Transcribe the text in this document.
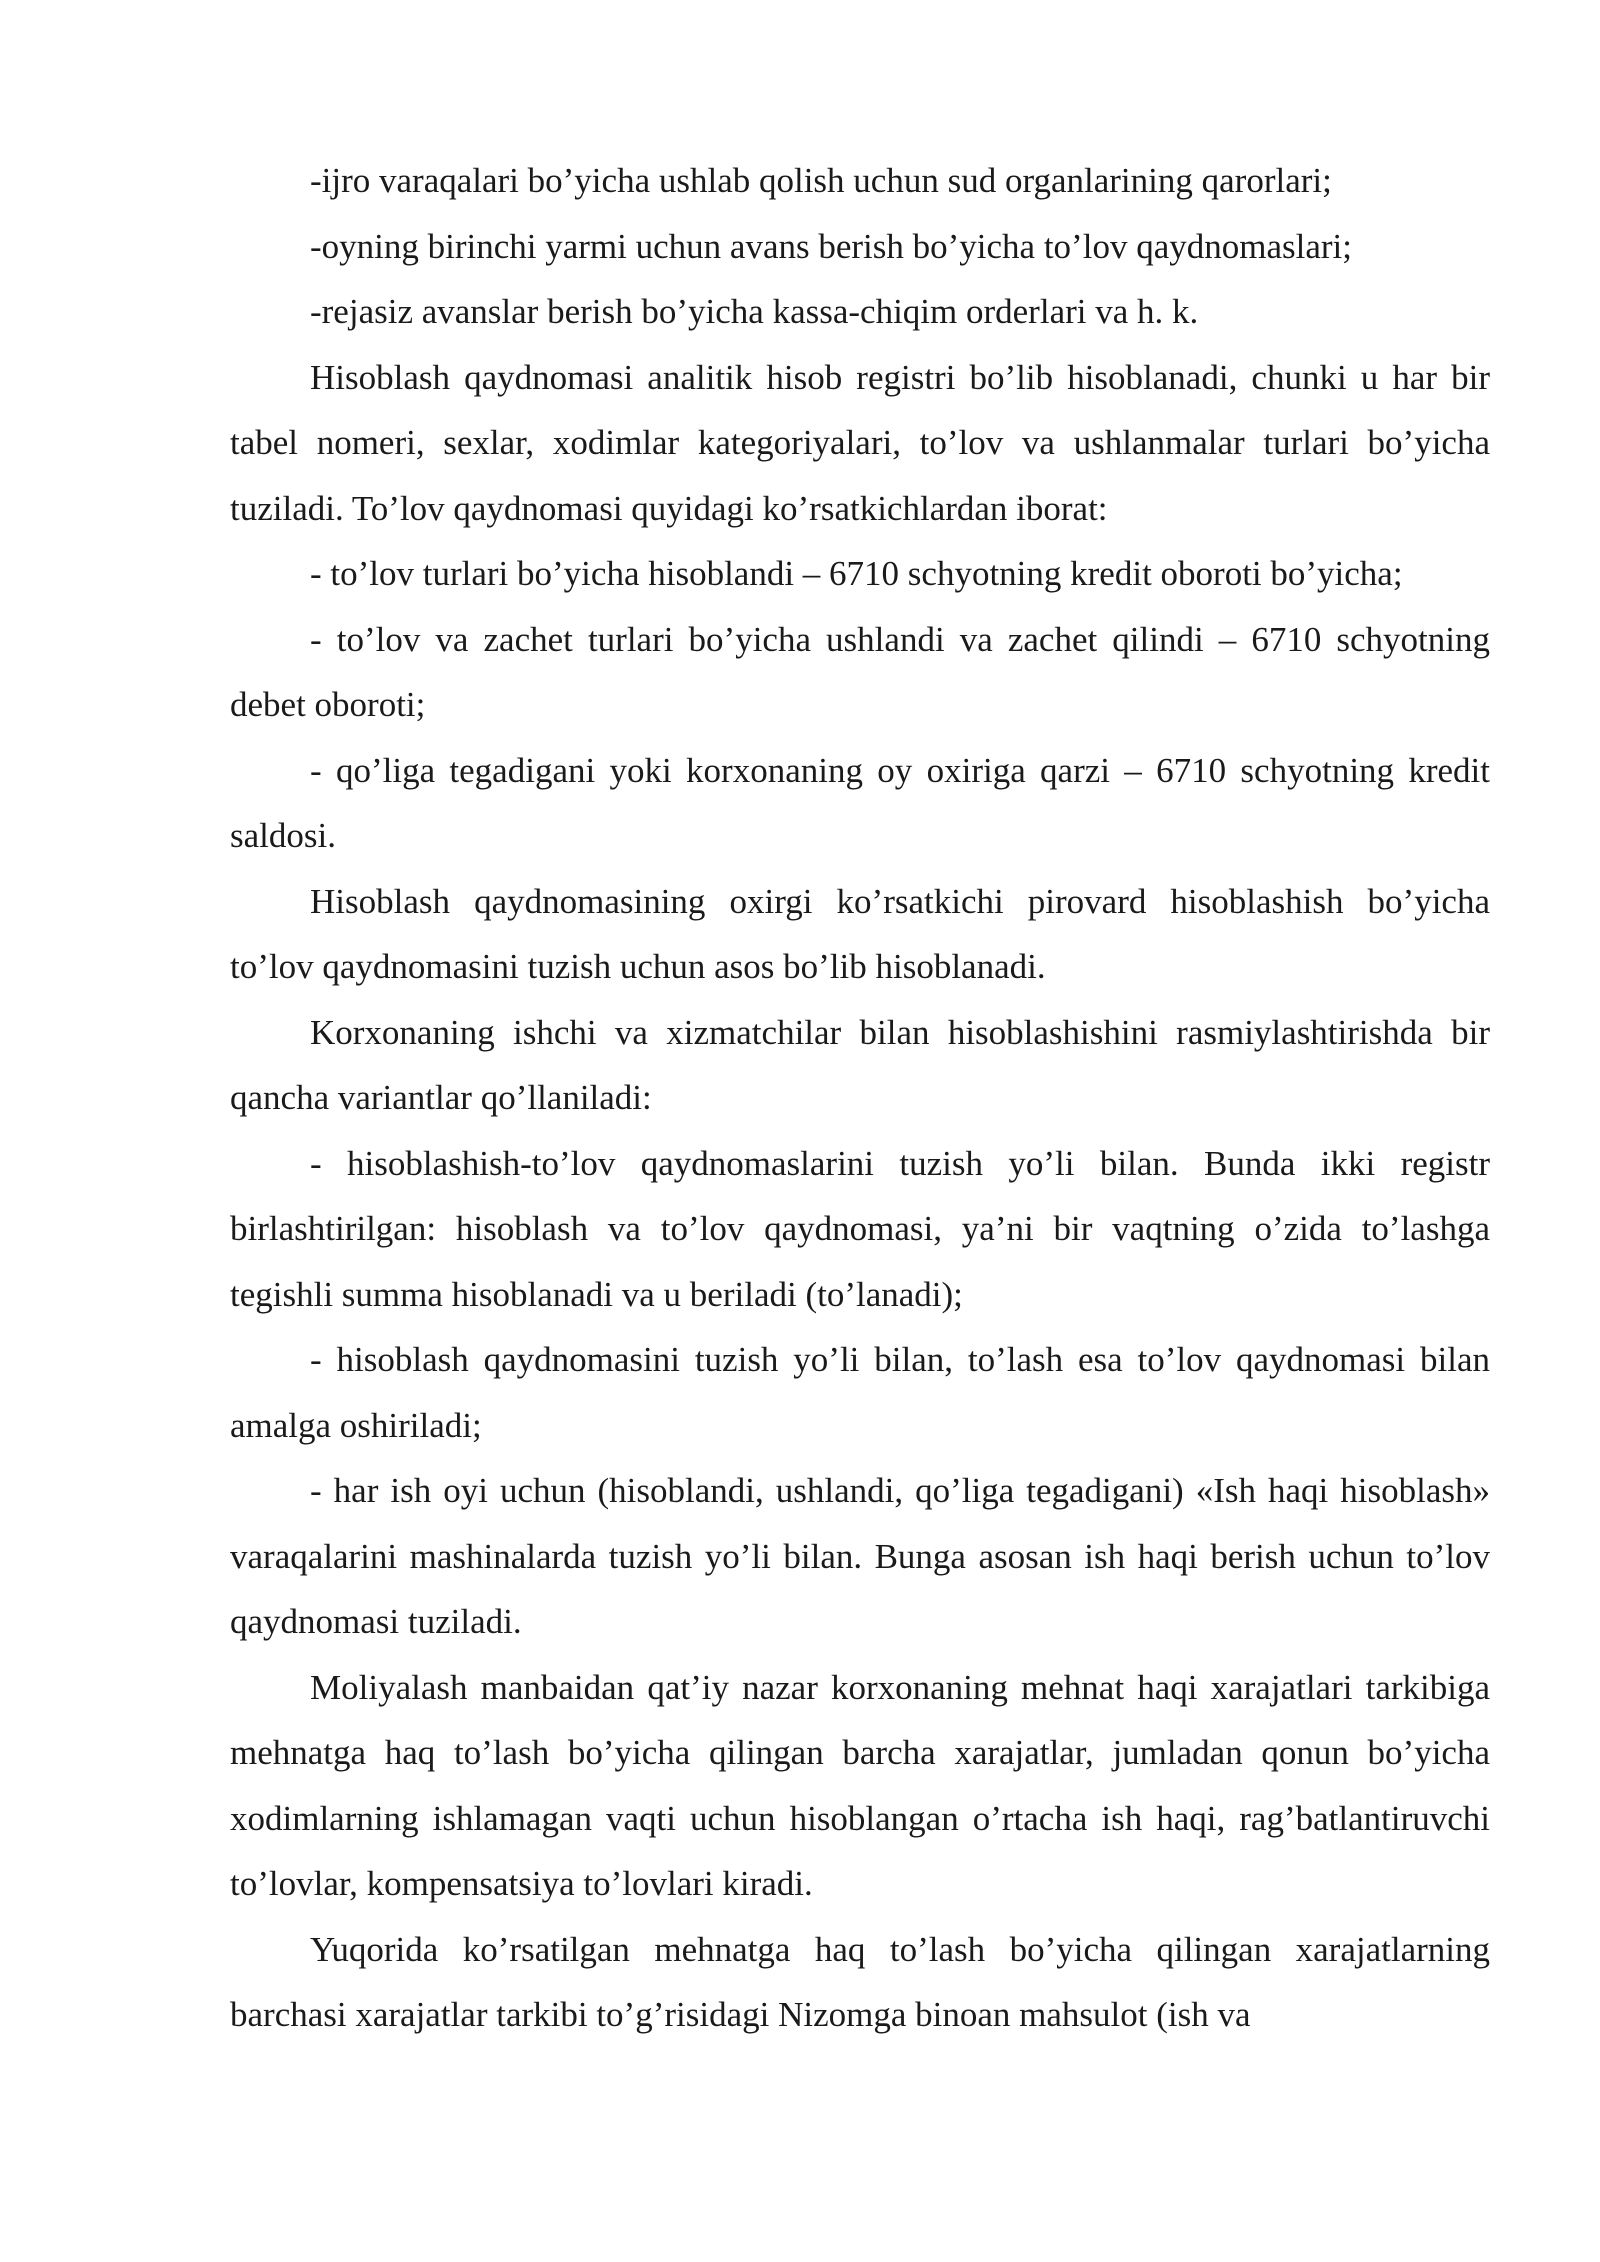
-ijro varaqalari bo’yicha ushlab qolish uchun sud organlarining qarorlari;

-oyning birinchi yarmi uchun avans berish bo’yicha to’lov qaydnomaslari;

-rejasiz avanslar berish bo’yicha kassa-chiqim orderlari va h. k.

Hisoblash qaydnomasi analitik hisob registri bo’lib hisoblanadi, chunki u har bir tabel nomeri, sexlar, xodimlar kategoriyalari, to’lov va ushlanmalar turlari bo’yicha tuziladi. To’lov qaydnomasi quyidagi ko’rsatkichlardan iborat:

- to’lov turlari bo’yicha hisoblandi – 6710 schyotning kredit oboroti bo’yicha;

- to’lov va zachet turlari bo’yicha ushlandi va zachet qilindi – 6710 schyotning debet oboroti;

- qo’liga tegadigani yoki korxonaning oy oxiriga qarzi – 6710 schyotning kredit saldosi.

Hisoblash qaydnomasining oxirgi ko’rsatkichi pirovard hisoblashish bo’yicha to’lov qaydnomasini tuzish uchun asos bo’lib hisoblanadi.

Korxonaning ishchi va xizmatchilar bilan hisoblashishini rasmiylashtirishda bir qancha variantlar qo’llaniladi:

- hisoblashish-to’lov qaydnomaslarini tuzish yo’li bilan. Bunda ikki registr birlashtirilgan: hisoblash va to’lov qaydnomasi, ya’ni bir vaqtning o’zida to’lashga tegishli summa hisoblanadi va u beriladi (to’lanadi);

- hisoblash qaydnomasini tuzish yo’li bilan, to’lash esa to’lov qaydnomasi bilan amalga oshiriladi;

- har ish oyi uchun (hisoblandi, ushlandi, qo’liga tegadigani) «Ish haqi hisoblash» varaqalarini mashinalarda tuzish yo’li bilan. Bunga asosan ish haqi berish uchun to’lov qaydnomasi tuziladi.

Moliyalash manbaidan qat’iy nazar korxonaning mehnat haqi xarajatlari tarkibiga mehnatga haq to’lash bo’yicha qilingan barcha xarajatlar, jumladan qonun bo’yicha xodimlarning ishlamagan vaqti uchun hisoblangan o’rtacha ish haqi, rag’batlantiruvchi to’lovlar, kompensatsiya to’lovlari kiradi.

Yuqorida ko’rsatilgan mehnatga haq to’lash bo’yicha qilingan xarajatlarning barchasi xarajatlar tarkibi to’g’risidagi Nizomga binoan mahsulot (ish va
